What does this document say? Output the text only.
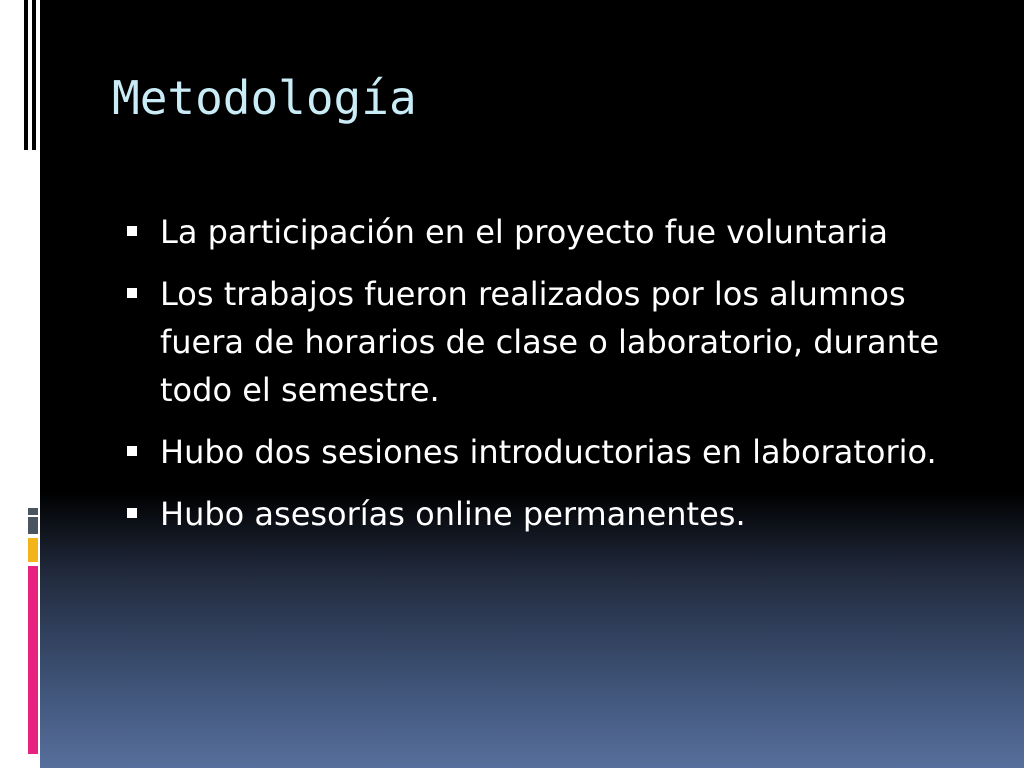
Metodología
La participación en el proyecto fue voluntaria
Los trabajos fueron realizados por los alumnos fuera de horarios de clase o laboratorio, durante todo el semestre.
Hubo dos sesiones introductorias en laboratorio.
Hubo asesorías online permanentes.
